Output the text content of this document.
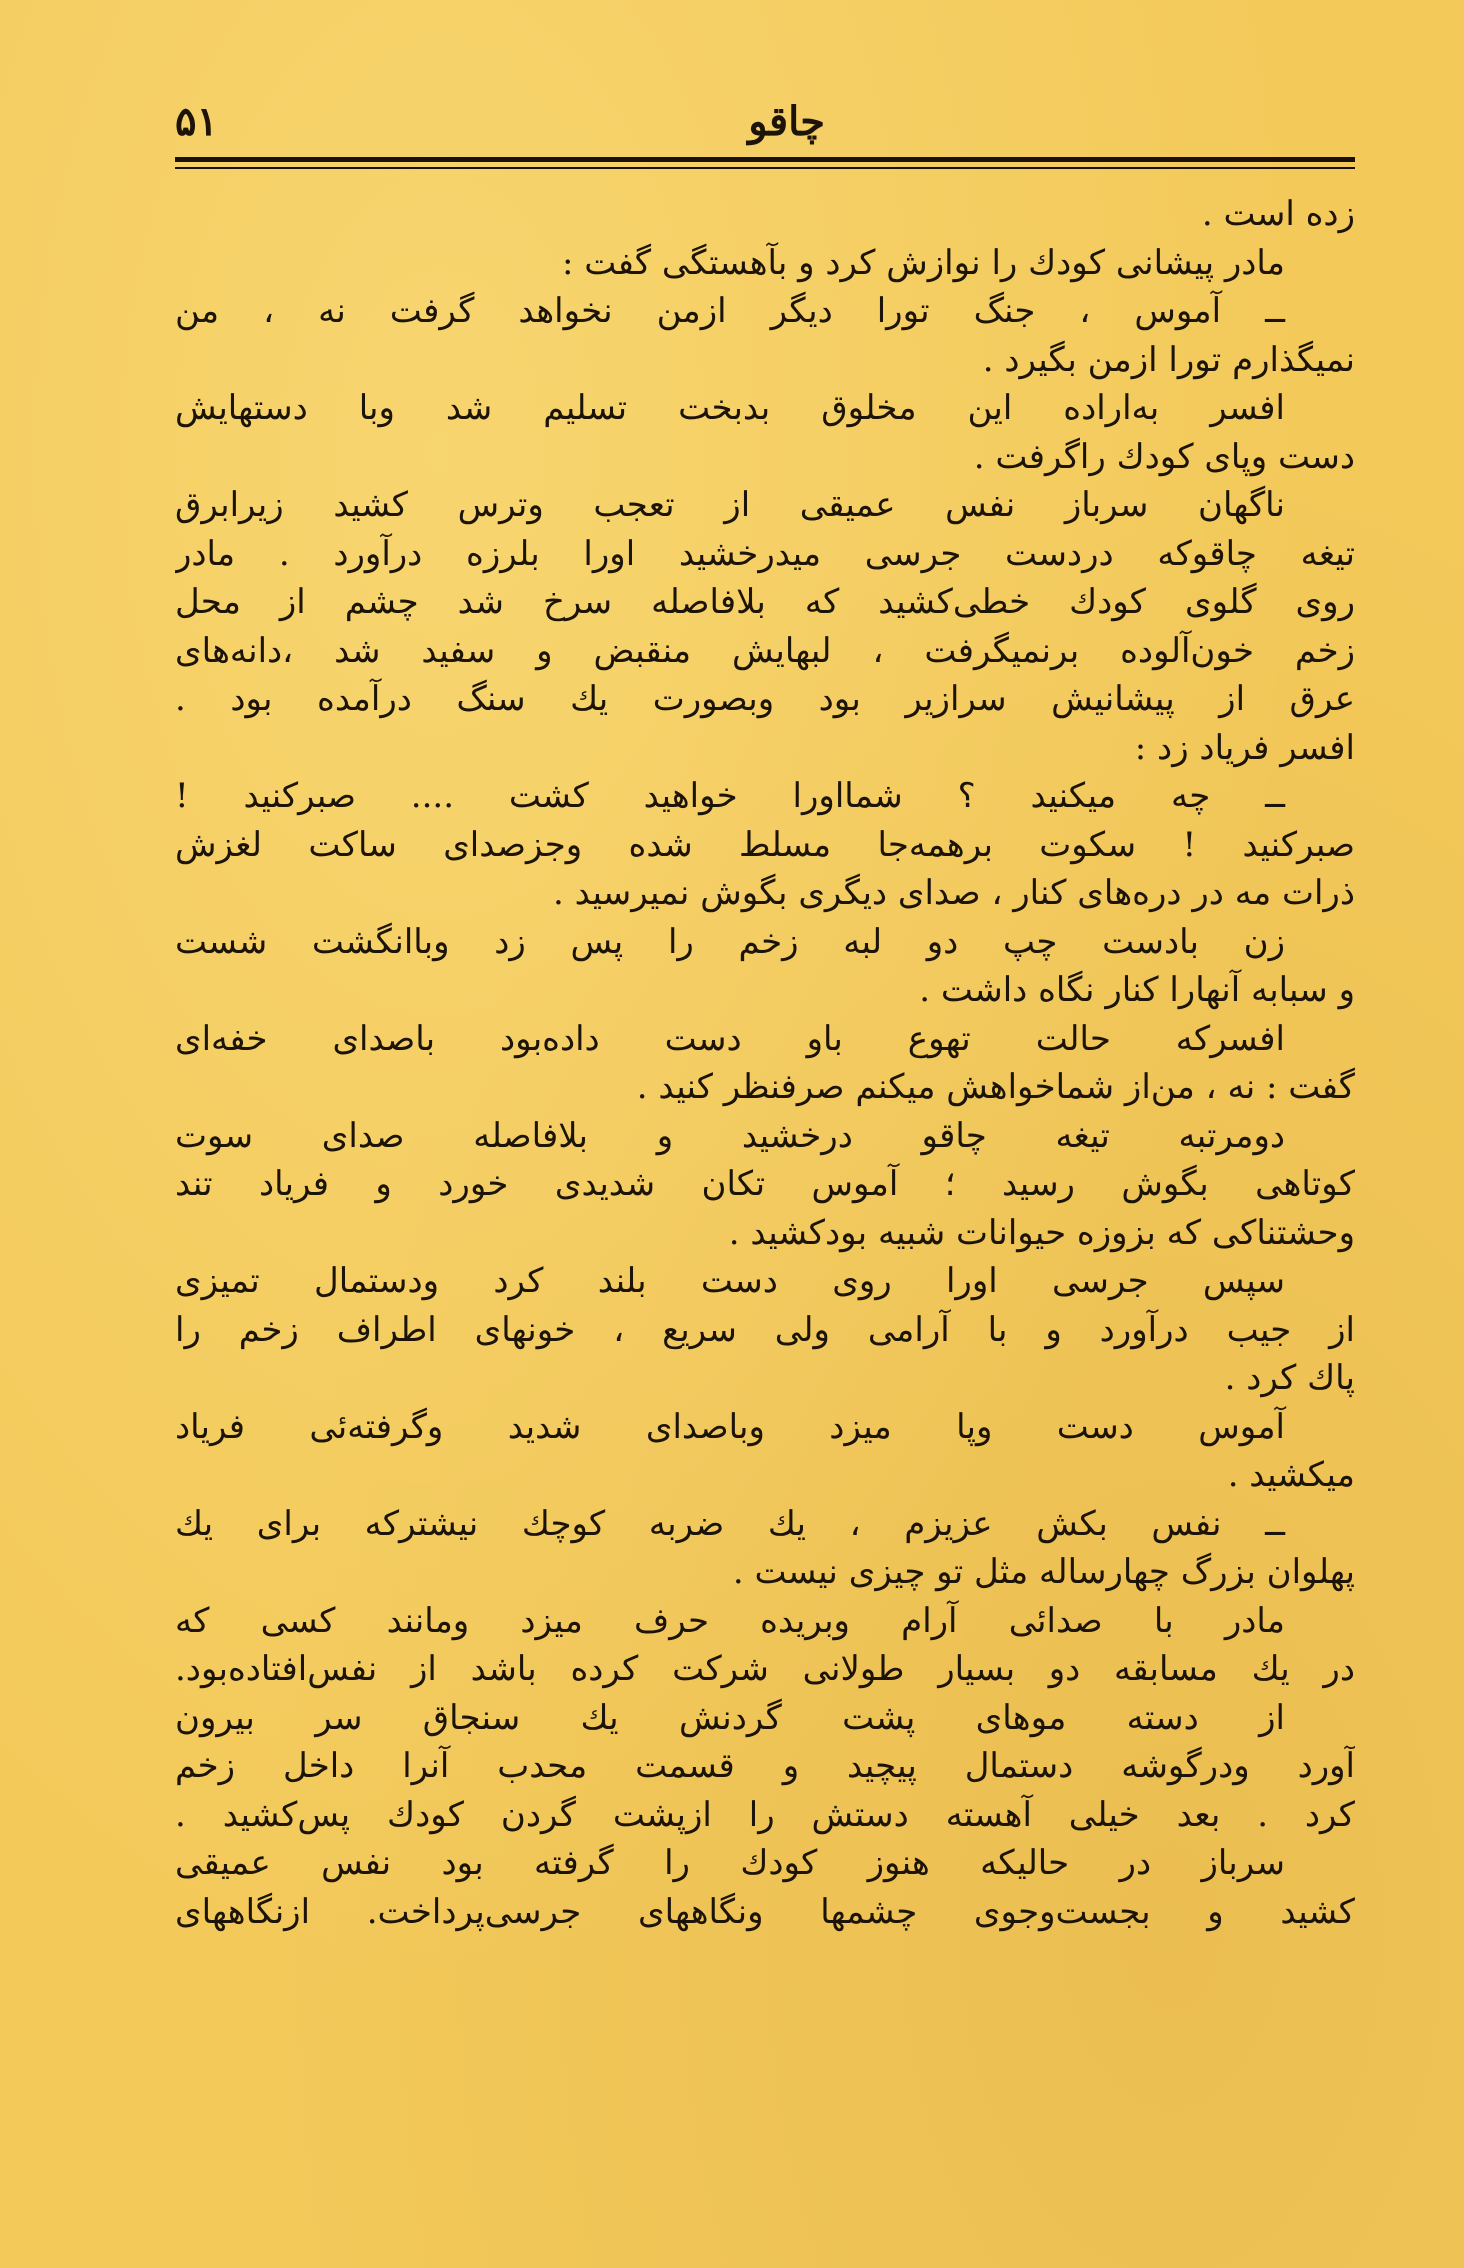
چاقو
۵۱
زده است .
مادر پیشانی کودك را نوازش کرد و بآهستگی گفت :
ــ آموس ، جنگ تورا دیگر ازمن نخواهد گرفت نه ، من
نمیگذارم تورا ازمن بگیرد .
افسر به‌اراده این مخلوق بدبخت تسلیم شد وبا دستهایش
دست وپای کودك راگرفت .
ناگهان سرباز نفس عمیقی از تعجب وترس کشید زیرابرق
تیغه چاقوکه دردست جرسی میدرخشید اورا بلرزه درآورد . مادر
روی گلوی کودك خطی‌کشید که بلافاصله سرخ شد چشم از محل
زخم خون‌آلوده برنمیگرفت ، لبهایش منقبض و سفید شد ،دانه‌های
عرق از پیشانیش سرازیر بود وبصورت یك سنگ درآمده بود .
افسر فریاد زد :
ــ چه میکنید ؟ شمااورا خواهید کشت .... صبرکنید !
صبرکنید ! سکوت برهمه‌جا مسلط شده وجزصدای ساکت لغزش
ذرات مه در دره‌های کنار ، صدای دیگری بگوش نمیرسید .
زن بادست چپ دو لبه زخم را پس زد وباانگشت شست
و سبابه آنهارا کنار نگاه داشت .
افسرکه حالت تهوع باو دست داده‌بود باصدای خفه‌ای
گفت : نه ، من‌از شماخواهش میکنم صرفنظر کنید .
دومرتبه تیغه چاقو درخشید و بلافاصله صدای سوت
کوتاهی بگوش رسید ؛ آموس تکان شدیدی خورد و فریاد تند
وحشتناکی که بزوزه حیوانات شبیه بودکشید .
سپس جرسی اورا روی دست بلند کرد ودستمال تمیزی
از جیب درآورد و با آرامی ولی سریع ، خونهای اطراف زخم را
پاك کرد .
آموس دست وپا میزد وباصدای شدید وگرفته‌ئی فریاد
میکشید .
ــ نفس بکش عزیزم ، یك ضربه کوچك نیشترکه برای یك
پهلوان بزرگ چهارساله مثل تو چیزی نیست .
مادر با صدائی آرام وبریده حرف میزد ومانند کسی که
در یك مسابقه دو بسیار طولانی شرکت کرده باشد از نفس‌افتاده‌بود.
از دسته موهای پشت گردنش یك سنجاق سر بیرون
آورد ودرگوشه دستمال پیچید و قسمت محدب آنرا داخل زخم
کرد . بعد خیلی آهسته دستش را ازپشت گردن کودك پس‌کشید .
سرباز در حالیکه هنوز کودك را گرفته بود نفس عمیقی
کشید و بجست‌وجوی چشمها ونگاههای جرسی‌پرداخت. ازنگاههای
